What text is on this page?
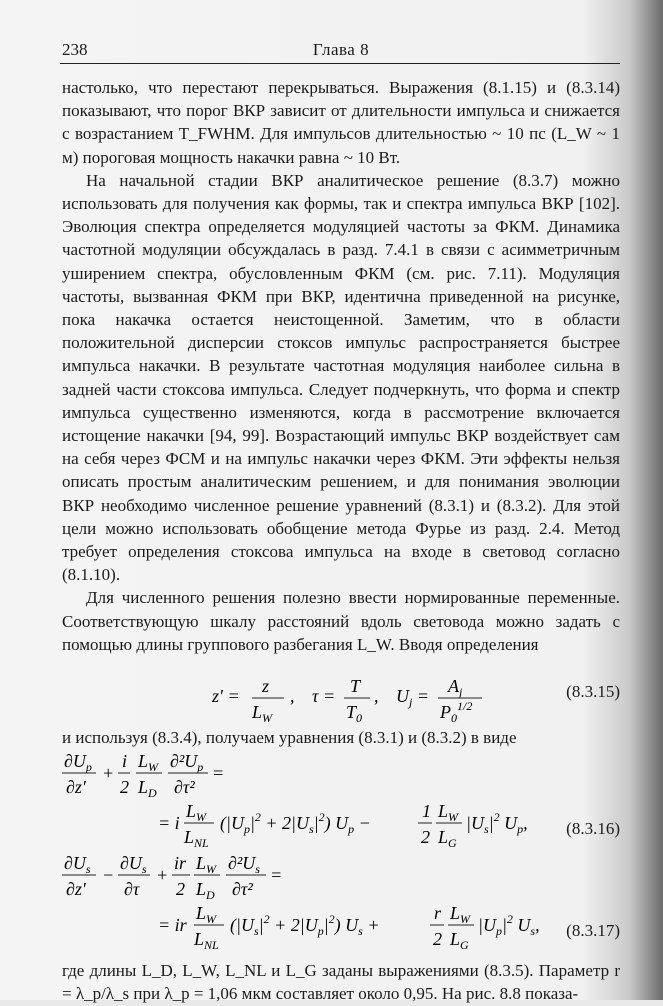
238	Глава 8

настолько, что перестают перекрываться. Выражения (8.1.15) и (8.3.14) показывают, что порог ВКР зависит от длительности импульса и снижается с возрастанием T_FWHM. Для импульсов длительностью ~ 10 пс (L_W ~ 1 м) пороговая мощность накачки равна ~ 10 Вт.

На начальной стадии ВКР аналитическое решение (8.3.7) можно использовать для получения как формы, так и спектра импульса ВКР [102]. Эволюция спектра определяется модуляцией частоты за ФКМ. Динамика частотной модуляции обсуждалась в разд. 7.4.1 в связи с асимметричным уширением спектра, обусловленным ФКМ (см. рис. 7.11). Модуляция частоты, вызванная ФКМ при ВКР, идентична приведенной на рисунке, пока накачка остается неистощенной. Заметим, что в области положительной дисперсии стоксов импульс распространяется быстрее импульса накачки. В результате частотная модуляция наиболее сильна в задней части стоксова импульса. Следует подчеркнуть, что форма и спектр импульса существенно изменяются, когда в рассмотрение включается истощение накачки [94, 99]. Возрастающий импульс ВКР воздействует сам на себя через ФСМ и на импульс накачки через ФКМ. Эти эффекты нельзя описать простым аналитическим решением, и для понимания эволюции ВКР необходимо численное решение уравнений (8.3.1) и (8.3.2). Для этой цели можно использовать обобщение метода Фурье из разд. 2.4. Метод требует определения стоксова импульса на входе в световод согласно (8.1.10).

Для численного решения полезно ввести нормированные переменные. Соответствующую шкалу расстояний вдоль световода можно задать с помощью длины группового разбегания L_W. Вводя определения

z′ = z
$L_W$
, τ = T
$T_0$
, $U_j = A_j$
$P_0^{1/2}$
(8.3.15)

и используя (8.3.4), получаем уравнения (8.3.1) и (8.3.2) в виде

$\partial U_p$
∂z′
+
i
2
$L_W$
$L_D$
$\partial^2U_p$
∂τ²
=
= i
$L_W$
$L_{NL}$
$(|U_p|^2 + 2|U_s|^2) U_p$ −
1
2
$L_W$
$L_G$
$|U_s|^2$ $U_p$, (8.3.16)
$\partial U_s$
∂z′
−
$\partial U_s$
∂τ
+
ir
2
$L_W$
$L_D$
$\partial^2U_s$
∂τ²
=
= ir
$L_W$
$L_{NL}$
$(|U_s|^2 + 2|U_p|^2) U_s$ +
r
2
$L_W$
$L_G$
$|U_p|^2$ $U_s$, (8.3.17)

где длины L_D, L_W, L_NL и L_G заданы выражениями (8.3.5). Параметр r = λ_p/λ_s при λ_p = 1,06 мкм составляет около 0,95. На рис. 8.8 показа-
